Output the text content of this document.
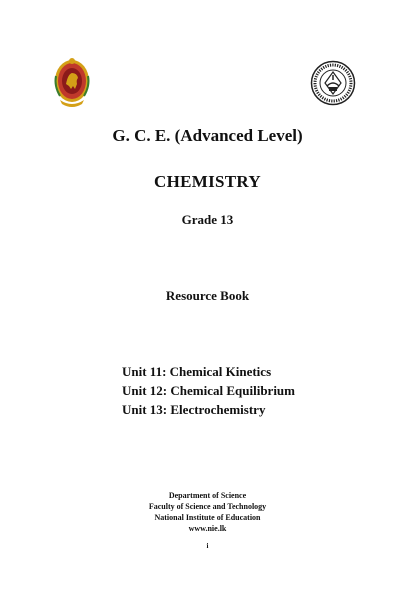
G. C. E. (Advanced Level)
CHEMISTRY
Grade 13
Resource Book
Unit 11: Chemical Kinetics
Unit 12: Chemical Equilibrium
Unit 13: Electrochemistry
Department of Science
Faculty of Science and Technology
National Institute of Education
www.nie.lk
i
